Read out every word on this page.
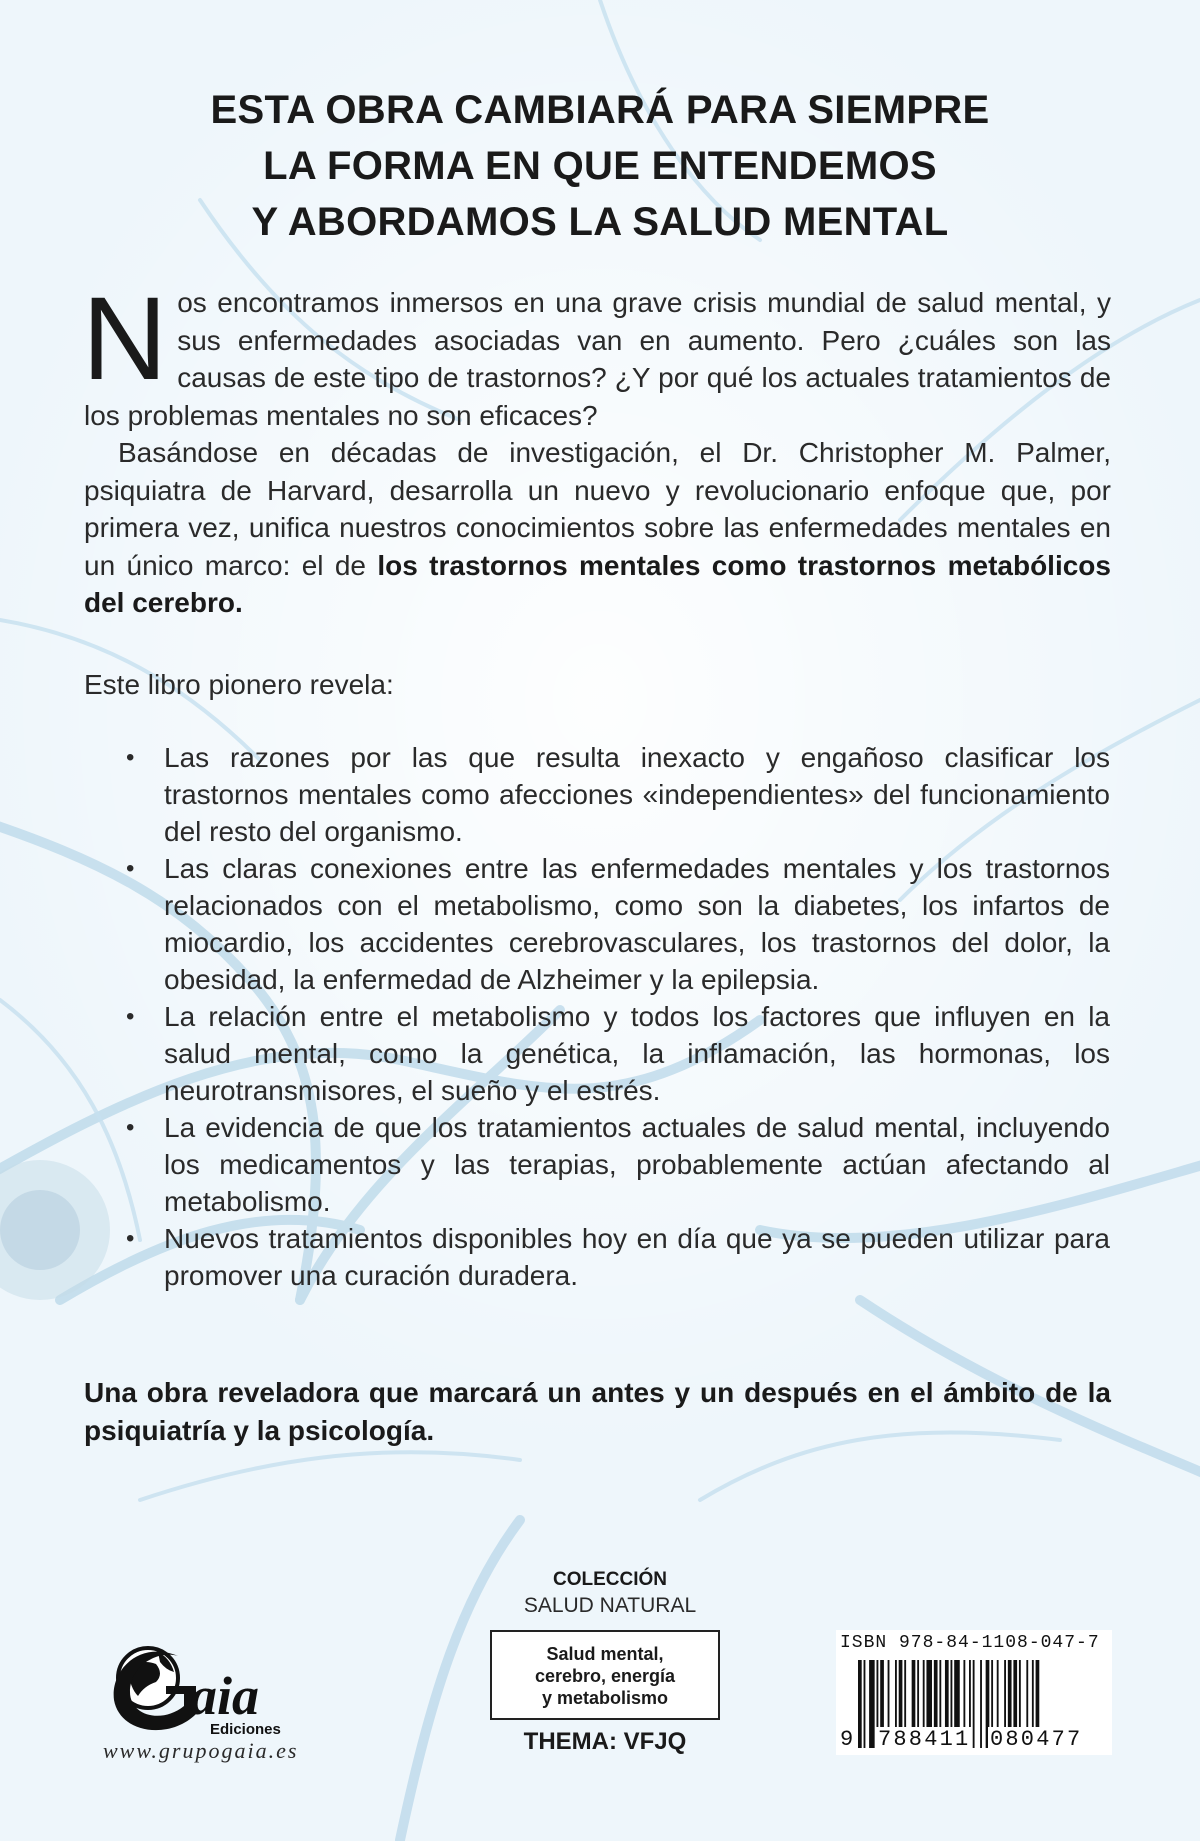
ESTA OBRA CAMBIARÁ PARA SIEMPRE
LA FORMA EN QUE ENTENDEMOS
Y ABORDAMOS LA SALUD MENTAL

Nos encontramos inmersos en una grave crisis mundial de salud mental, y sus enfermedades asociadas van en aumento. Pero ¿cuáles son las causas de este tipo de trastornos? ¿Y por qué los actuales tratamientos de los problemas mentales no son eficaces?

Basándose en décadas de investigación, el Dr. Christopher M. Palmer, psiquiatra de Harvard, desarrolla un nuevo y revolucionario enfoque que, por primera vez, unifica nuestros conocimientos sobre las enfermedades mentales en un único marco: el de los trastornos mentales como trastornos metabólicos del cerebro.

Este libro pionero revela:
• Las razones por las que resulta inexacto y engañoso clasificar los trastornos mentales como afecciones «independientes» del funcionamiento del resto del organismo.
• Las claras conexiones entre las enfermedades mentales y los trastornos relacionados con el metabolismo, como son la diabetes, los infartos de miocardio, los accidentes cerebrovasculares, los trastornos del dolor, la obesidad, la enfermedad de Alzheimer y la epilepsia.
• La relación entre el metabolismo y todos los factores que influyen en la salud mental, como la genética, la inflamación, las hormonas, los neurotransmisores, el sueño y el estrés.
• La evidencia de que los tratamientos actuales de salud mental, incluyendo los medicamentos y las terapias, probablemente actúan afectando al metabolismo.
• Nuevos tratamientos disponibles hoy en día que ya se pueden utilizar para promover una curación duradera.
Una obra reveladora que marcará un antes y un después en el ámbito de la psiquiatría y la psicología.
aia
Ediciones
www.grupogaia.es
COLECCIÓN
SALUD NATURAL
Salud mental,
cerebro, energía
y metabolismo
THEMA: VFJQ
ISBN 978-84-1108-047-7
9 788411 080477
